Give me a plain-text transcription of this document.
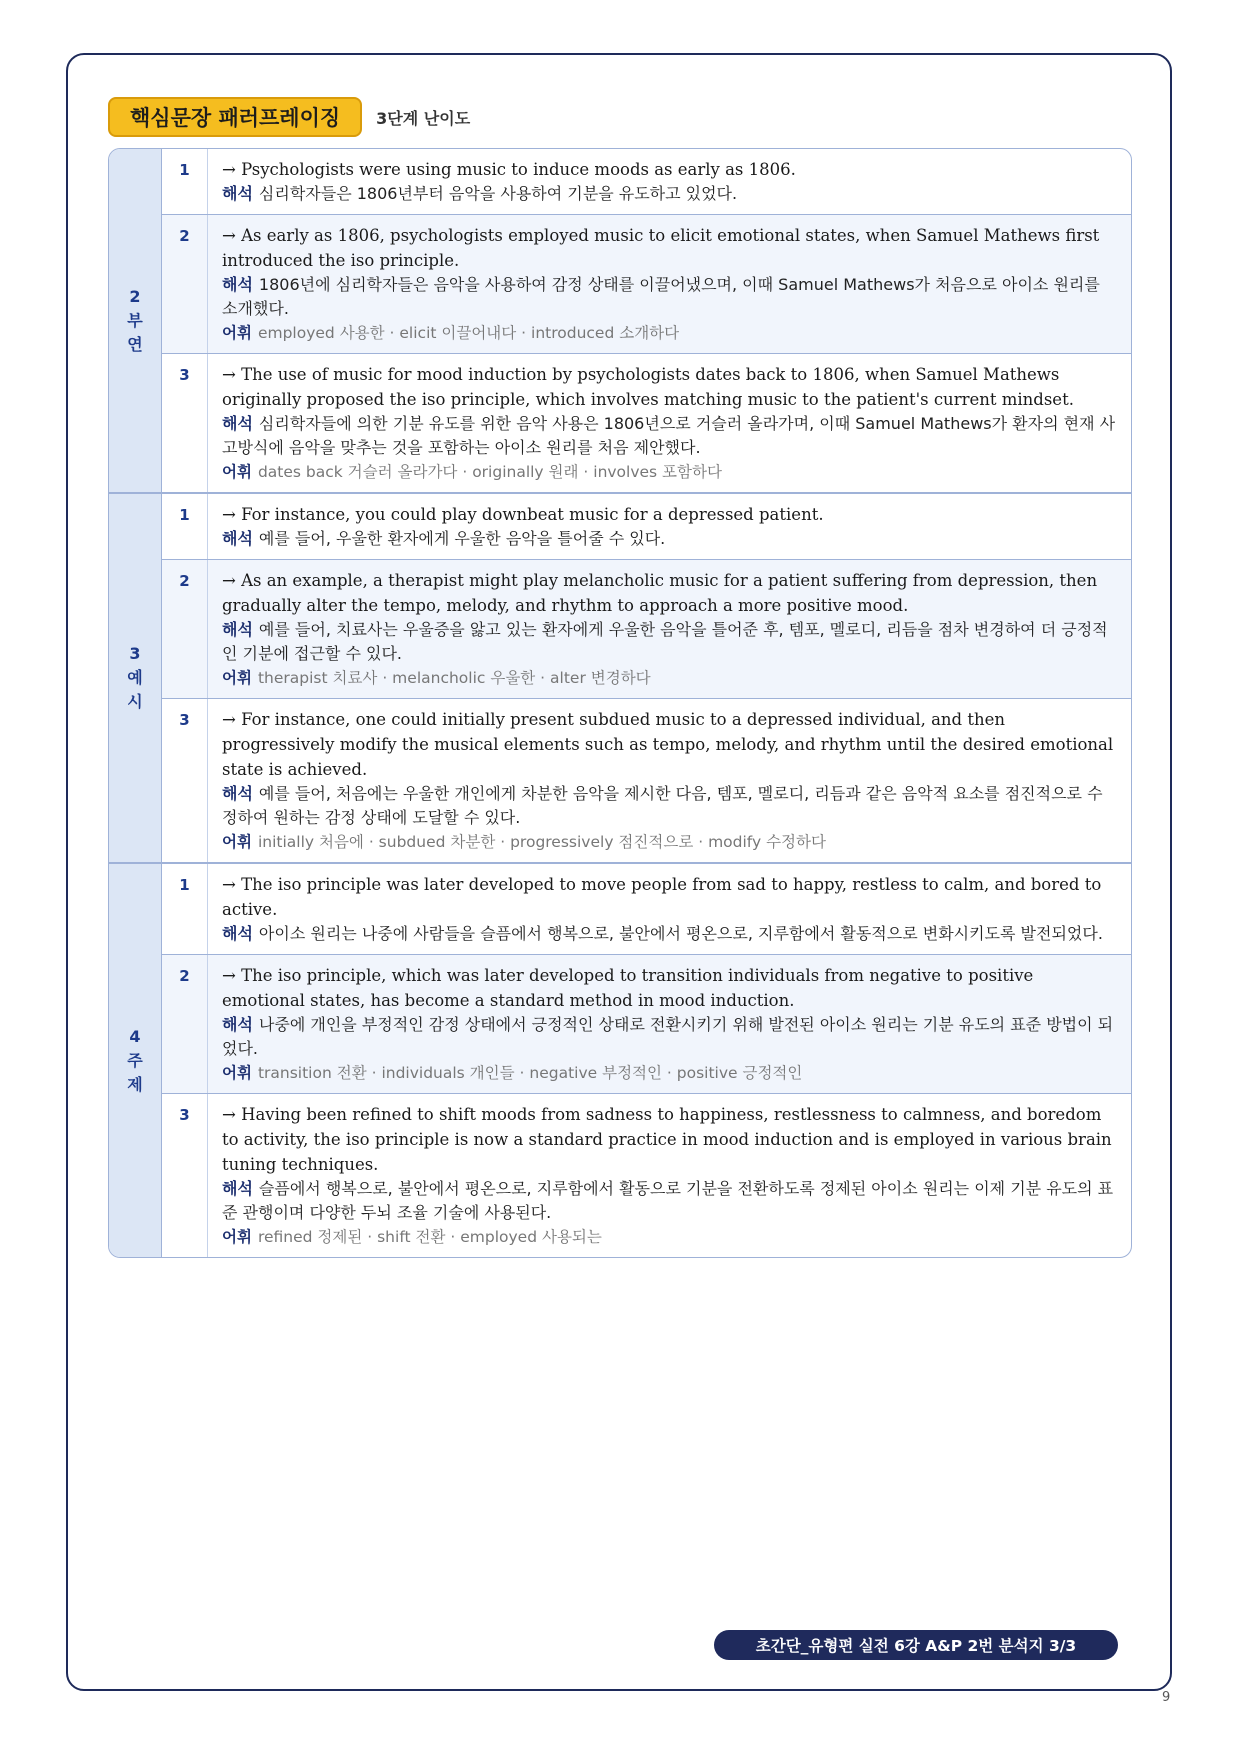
핵심문장 패러프레이징	3단계 난이도
2
부
연
1	→ Psychologists were using music to induce moods as early as 1806.
해석 심리학자들은 1806년부터 음악을 사용하여 기분을 유도하고 있었다.
2	→ As early as 1806, psychologists employed music to elicit emotional states, when Samuel Mathews first introduced the iso principle.
해석 1806년에 심리학자들은 음악을 사용하여 감정 상태를 이끌어냈으며, 이때 Samuel Mathews가 처음으로 아이소 원리를 소개했다.
어휘 employed 사용한 · elicit 이끌어내다 · introduced 소개하다
3	→ The use of music for mood induction by psychologists dates back to 1806, when Samuel Mathews originally proposed the iso principle, which involves matching music to the patient's current mindset.
해석 심리학자들에 의한 기분 유도를 위한 음악 사용은 1806년으로 거슬러 올라가며, 이때 Samuel Mathews가 환자의 현재 사고방식에 음악을 맞추는 것을 포함하는 아이소 원리를 처음 제안했다.
어휘 dates back 거슬러 올라가다 · originally 원래 · involves 포함하다
3
예
시
1	→ For instance, you could play downbeat music for a depressed patient.
해석 예를 들어, 우울한 환자에게 우울한 음악을 틀어줄 수 있다.
2	→ As an example, a therapist might play melancholic music for a patient suffering from depression, then gradually alter the tempo, melody, and rhythm to approach a more positive mood.
해석 예를 들어, 치료사는 우울증을 앓고 있는 환자에게 우울한 음악을 틀어준 후, 템포, 멜로디, 리듬을 점차 변경하여 더 긍정적인 기분에 접근할 수 있다.
어휘 therapist 치료사 · melancholic 우울한 · alter 변경하다
3	→ For instance, one could initially present subdued music to a depressed individual, and then progressively modify the musical elements such as tempo, melody, and rhythm until the desired emotional state is achieved.
해석 예를 들어, 처음에는 우울한 개인에게 차분한 음악을 제시한 다음, 템포, 멜로디, 리듬과 같은 음악적 요소를 점진적으로 수정하여 원하는 감정 상태에 도달할 수 있다.
어휘 initially 처음에 · subdued 차분한 · progressively 점진적으로 · modify 수정하다
4
주
제
1	→ The iso principle was later developed to move people from sad to happy, restless to calm, and bored to active.
해석 아이소 원리는 나중에 사람들을 슬픔에서 행복으로, 불안에서 평온으로, 지루함에서 활동적으로 변화시키도록 발전되었다.
2	→ The iso principle, which was later developed to transition individuals from negative to positive emotional states, has become a standard method in mood induction.
해석 나중에 개인을 부정적인 감정 상태에서 긍정적인 상태로 전환시키기 위해 발전된 아이소 원리는 기분 유도의 표준 방법이 되었다.
어휘 transition 전환 · individuals 개인들 · negative 부정적인 · positive 긍정적인
3	→ Having been refined to shift moods from sadness to happiness, restlessness to calmness, and boredom to activity, the iso principle is now a standard practice in mood induction and is employed in various brain tuning techniques.
해석 슬픔에서 행복으로, 불안에서 평온으로, 지루함에서 활동으로 기분을 전환하도록 정제된 아이소 원리는 이제 기분 유도의 표준 관행이며 다양한 두뇌 조율 기술에 사용된다.
어휘 refined 정제된 · shift 전환 · employed 사용되는
초간단_유형편 실전 6강 A&P 2번 분석지 3/3
9
